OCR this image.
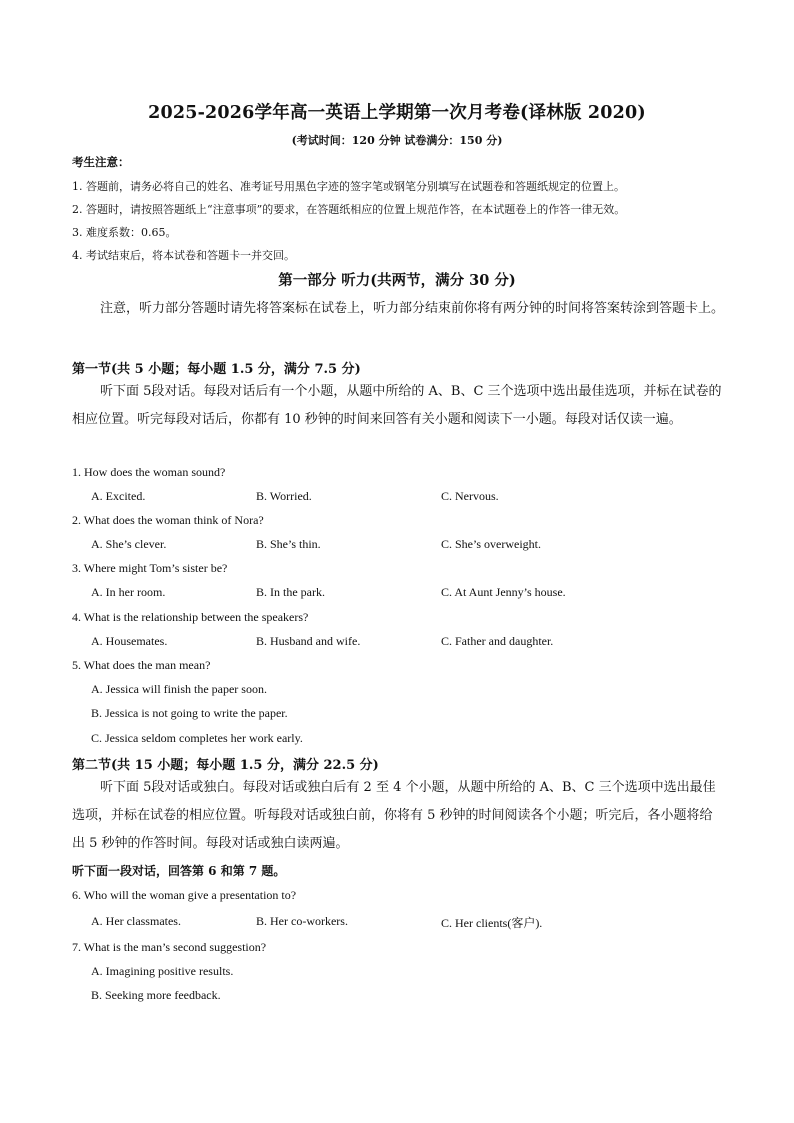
2025-2026学年高一英语上学期第一次月考卷(译林版 2020)
(考试时间：120 分钟 试卷满分：150 分)
考生注意：
1. 答题前，请务必将自己的姓名、准考证号用黑色字迹的签字笔或钢笔分别填写在试题卷和答题纸规定的位置上。
2. 答题时，请按照答题纸上“注意事项”的要求，在答题纸相应的位置上规范作答，在本试题卷上的作答一律无效。
3. 难度系数：0.65。
4. 考试结束后，将本试卷和答题卡一并交回。
第一部分 听力(共两节，满分 30 分)
注意，听力部分答题时请先将答案标在试卷上，听力部分结束前你将有两分钟的时间将答案转涂到答题卡上。
第一节(共 5 小题；每小题 1.5 分，满分 7.5 分)
听下面 5段对话。每段对话后有一个小题，从题中所给的 A、B、C 三个选项中选出最佳选项，并标在试卷的相应位置。听完每段对话后，你都有 10 秒钟的时间来回答有关小题和阅读下一小题。每段对话仅读一遍。
1. How does the woman sound?
A. Excited.	B. Worried.	C. Nervous.
2. What does the woman think of Nora?
A. She’s clever.	B. She’s thin.	C. She’s overweight.
3. Where might Tom’s sister be?
A. In her room.	B. In the park.	C. At Aunt Jenny’s house.
4. What is the relationship between the speakers?
A. Housemates.	B. Husband and wife.	C. Father and daughter.
5. What does the man mean?
A. Jessica will finish the paper soon.
B. Jessica is not going to write the paper.
C. Jessica seldom completes her work early.
第二节(共 15 小题；每小题 1.5 分，满分 22.5 分)
听下面 5段对话或独白。每段对话或独白后有 2 至 4 个小题，从题中所给的 A、B、C 三个选项中选出最佳选项，并标在试卷的相应位置。听每段对话或独白前，你将有 5 秒钟的时间阅读各个小题；听完后，各小题将给出 5 秒钟的作答时间。每段对话或独白读两遍。
听下面一段对话，回答第 6 和第 7 题。
6. Who will the woman give a presentation to?
A. Her classmates.	B. Her co-workers.	C. Her clients(客户).
7. What is the man’s second suggestion?
A. Imagining positive results.
B. Seeking more feedback.
